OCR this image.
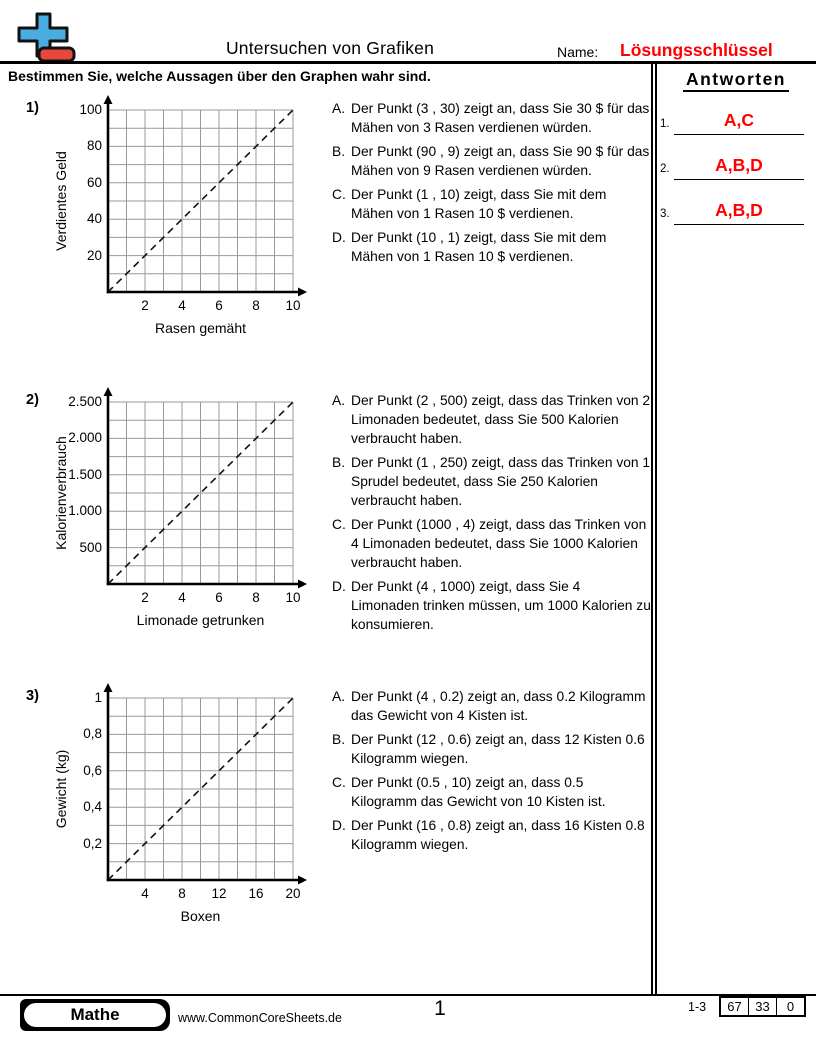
Untersuchen von Grafiken	Name: Lösungsschlüssel
Bestimmen Sie, welche Aussagen über den Graphen wahr sind.	Antworten
1.	A,C
2.	A,B,D
3.	A,B,D
1)
20
40
60
80
100
2	4	6	8	10
Rasen gemäht
Verdientes Geld
A. Der Punkt (3 , 30) zeigt an, dass Sie 30 $ für das Mähen von 3 Rasen verdienen würden.
B. Der Punkt (90 , 9) zeigt an, dass Sie 90 $ für das Mähen von 9 Rasen verdienen würden.
C. Der Punkt (1 , 10) zeigt, dass Sie mit dem Mähen von 1 Rasen 10 $ verdienen.
D. Der Punkt (10 , 1) zeigt, dass Sie mit dem Mähen von 1 Rasen 10 $ verdienen.
2)
500
1.000
1.500
2.000
2.500
2	4	6	8	10
Limonade getrunken
Kalorienverbrauch
A. Der Punkt (2 , 500) zeigt, dass das Trinken von 2 Limonaden bedeutet, dass Sie 500 Kalorien verbraucht haben.
B. Der Punkt (1 , 250) zeigt, dass das Trinken von 1 Sprudel bedeutet, dass Sie 250 Kalorien verbraucht haben.
C. Der Punkt (1000 , 4) zeigt, dass das Trinken von 4 Limonaden bedeutet, dass Sie 1000 Kalorien verbraucht haben.
D. Der Punkt (4 , 1000) zeigt, dass Sie 4 Limonaden trinken müssen, um 1000 Kalorien zu konsumieren.
3)
0,2
0,4
0,6
0,8
1
4	8	12	16	20
Boxen
Gewicht (kg)
A. Der Punkt (4 , 0.2) zeigt an, dass 0.2 Kilogramm das Gewicht von 4 Kisten ist.
B. Der Punkt (12 , 0.6) zeigt an, dass 12 Kisten 0.6 Kilogramm wiegen.
C. Der Punkt (0.5 , 10) zeigt an, dass 0.5 Kilogramm das Gewicht von 10 Kisten ist.
D. Der Punkt (16 , 0.8) zeigt an, dass 16 Kisten 0.8 Kilogramm wiegen.
Mathe	www.CommonCoreSheets.de	1	1-3	67	33	0
